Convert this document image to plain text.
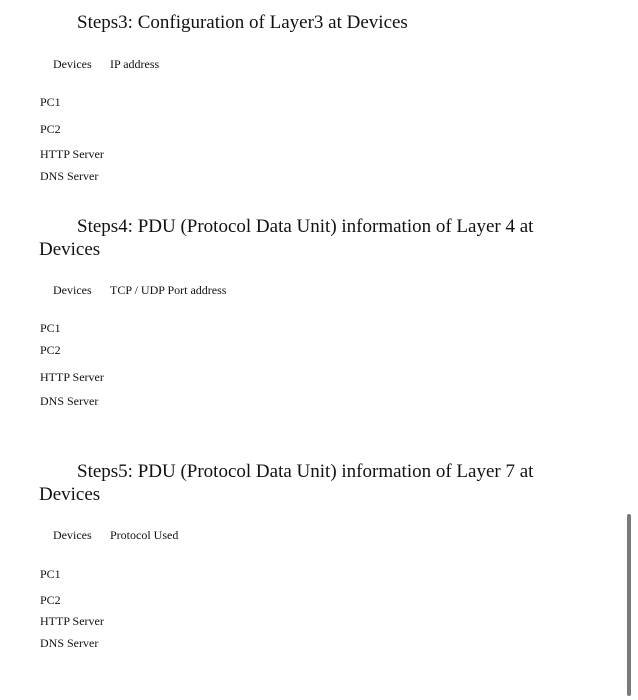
Steps3: Configuration of Layer3 at Devices
Devices IP address
PC1
PC2
HTTP Server
DNS Server
Steps4: PDU (Protocol Data Unit) information of Layer 4 at Devices
Devices TCP / UDP Port address
PC1
PC2
HTTP Server
DNS Server
Steps5: PDU (Protocol Data Unit) information of Layer 7 at Devices
Devices Protocol Used
PC1
PC2
HTTP Server
DNS Server
